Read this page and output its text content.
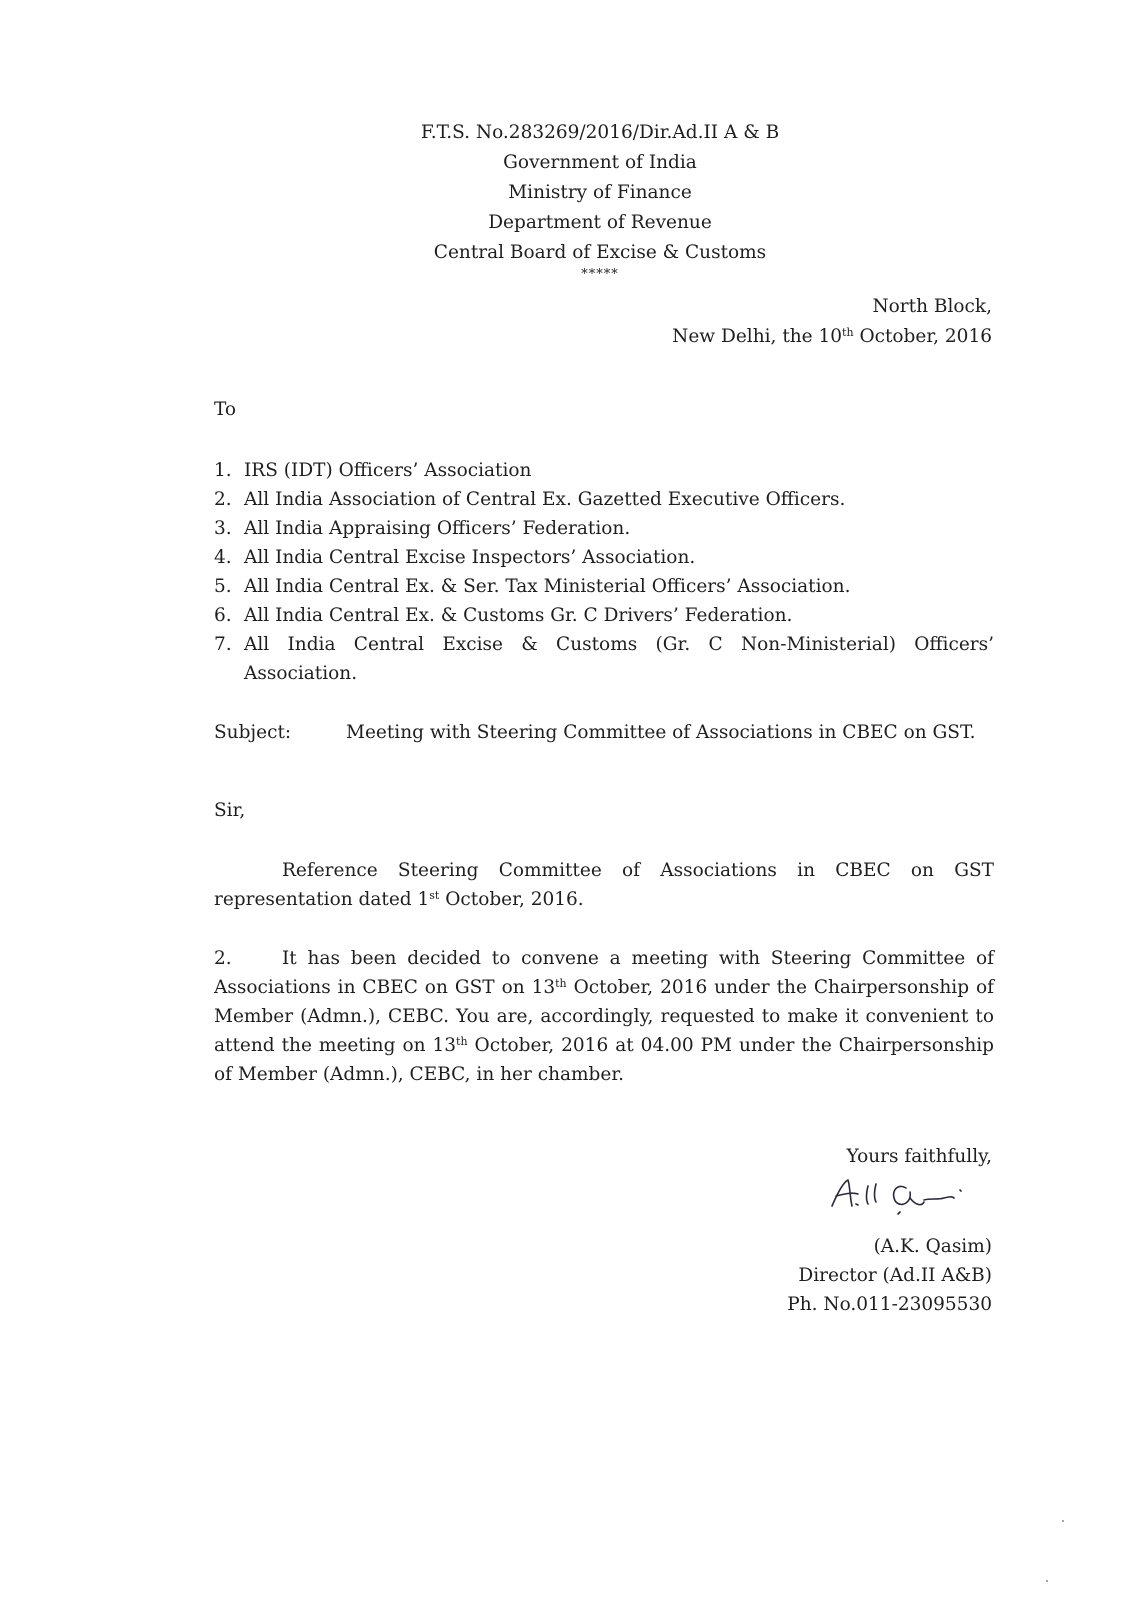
F.T.S. No.283269/2016/Dir.Ad.II A & B
Government of India
Ministry of Finance
Department of Revenue
Central Board of Excise & Customs
*****
North Block,
New Delhi, the 10th October, 2016
To
1. IRS (IDT) Officers’ Association
2. All India Association of Central Ex. Gazetted Executive Officers.
3. All India Appraising Officers’ Federation.
4. All India Central Excise Inspectors’ Association.
5. All India Central Ex. & Ser. Tax Ministerial Officers’ Association.
6. All India Central Ex. & Customs Gr. C Drivers’ Federation.
7. All India Central Excise & Customs (Gr. C Non-Ministerial) Officers’ Association.
Subject:	Meeting with Steering Committee of Associations in CBEC on GST.
Sir,
Reference Steering Committee of Associations in CBEC on GST representation dated 1st October, 2016.
2.	It has been decided to convene a meeting with Steering Committee of Associations in CBEC on GST on 13th October, 2016 under the Chairpersonship of Member (Admn.), CEBC. You are, accordingly, requested to make it convenient to attend the meeting on 13th October, 2016 at 04.00 PM under the Chairpersonship of Member (Admn.), CEBC, in her chamber.
Yours faithfully,
(A.K. Qasim)
Director (Ad.II A&B)
Ph. No.011-23095530
